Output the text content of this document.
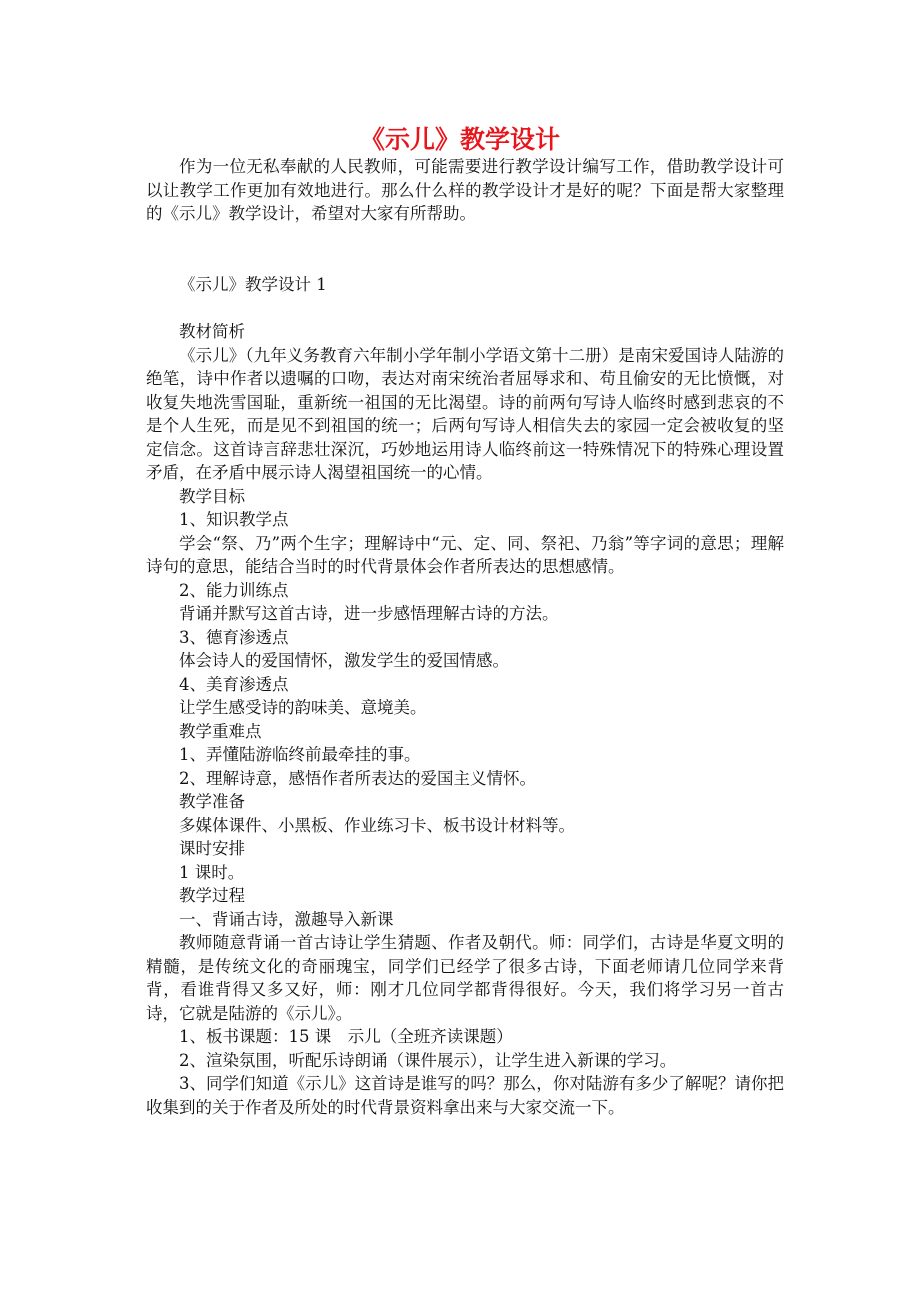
《示儿》教学设计

作为一位无私奉献的人民教师，可能需要进行教学设计编写工作，借助教学设计可以让教学工作更加有效地进行。那么什么样的教学设计才是好的呢？下面是帮大家整理的《示儿》教学设计，希望对大家有所帮助。

《示儿》教学设计 1

教材简析

《示儿》（九年义务教育六年制小学年制小学语文第十二册）是南宋爱国诗人陆游的绝笔，诗中作者以遗嘱的口吻，表达对南宋统治者屈辱求和、苟且偷安的无比愤慨，对收复失地洗雪国耻，重新统一祖国的无比渴望。诗的前两句写诗人临终时感到悲哀的不是个人生死，而是见不到祖国的统一；后两句写诗人相信失去的家园一定会被收复的坚定信念。这首诗言辞悲壮深沉，巧妙地运用诗人临终前这一特殊情况下的特殊心理设置矛盾，在矛盾中展示诗人渴望祖国统一的心情。

教学目标

1、知识教学点

学会“祭、乃”两个生字；理解诗中“元、定、同、祭祀、乃翁”等字词的意思；理解诗句的意思，能结合当时的时代背景体会作者所表达的思想感情。

2、能力训练点

背诵并默写这首古诗，进一步感悟理解古诗的方法。

3、德育渗透点

体会诗人的爱国情怀，激发学生的爱国情感。

4、美育渗透点

让学生感受诗的韵味美、意境美。

教学重难点

1、弄懂陆游临终前最牵挂的事。

2、理解诗意，感悟作者所表达的爱国主义情怀。

教学准备

多媒体课件、小黑板、作业练习卡、板书设计材料等。

课时安排

1 课时。

教学过程

一、背诵古诗，激趣导入新课

教师随意背诵一首古诗让学生猜题、作者及朝代。师：同学们，古诗是华夏文明的精髓，是传统文化的奇丽瑰宝，同学们已经学了很多古诗，下面老师请几位同学来背背，看谁背得又多又好，师：刚才几位同学都背得很好。今天，我们将学习另一首古诗，它就是陆游的《示儿》。

1、板书课题：15 课　示儿（全班齐读课题）

2、渲染氛围，听配乐诗朗诵（课件展示），让学生进入新课的学习。

3、同学们知道《示儿》这首诗是谁写的吗？那么，你对陆游有多少了解呢？请你把收集到的关于作者及所处的时代背景资料拿出来与大家交流一下。
